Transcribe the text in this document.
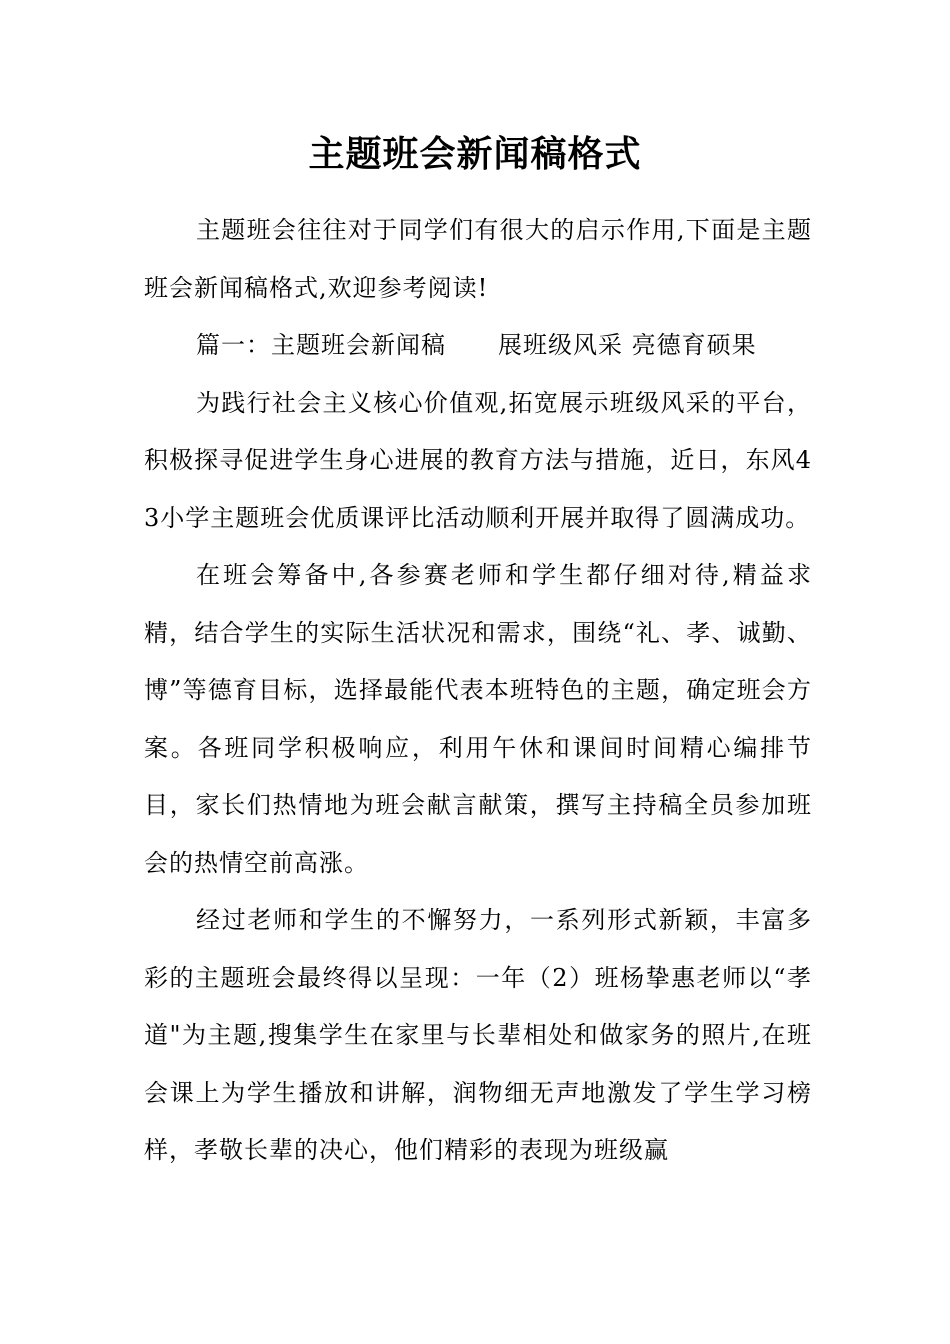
主题班会新闻稿格式

主题班会往往对于同学们有很大的启示作用,下面是主题班会新闻稿格式,欢迎参考阅读!

篇一：主题班会新闻稿 展班级风采 亮德育硕果

为践行社会主义核心价值观,拓宽展示班级风采的平台，积极探寻促进学生身心进展的教育方法与措施，近日，东风43小学主题班会优质课评比活动顺利开展并取得了圆满成功。

在班会筹备中,各参赛老师和学生都仔细对待,精益求精，结合学生的实际生活状况和需求，围绕“礼、孝、诚勤、博”等德育目标，选择最能代表本班特色的主题，确定班会方案。各班同学积极响应，利用午休和课间时间精心编排节目，家长们热情地为班会献言献策，撰写主持稿全员参加班会的热情空前高涨。

经过老师和学生的不懈努力，一系列形式新颖，丰富多彩的主题班会最终得以呈现：一年（2）班杨挚惠老师以“孝道"为主题,搜集学生在家里与长辈相处和做家务的照片,在班会课上为学生播放和讲解，润物细无声地激发了学生学习榜样，孝敬长辈的决心，他们精彩的表现为班级赢
